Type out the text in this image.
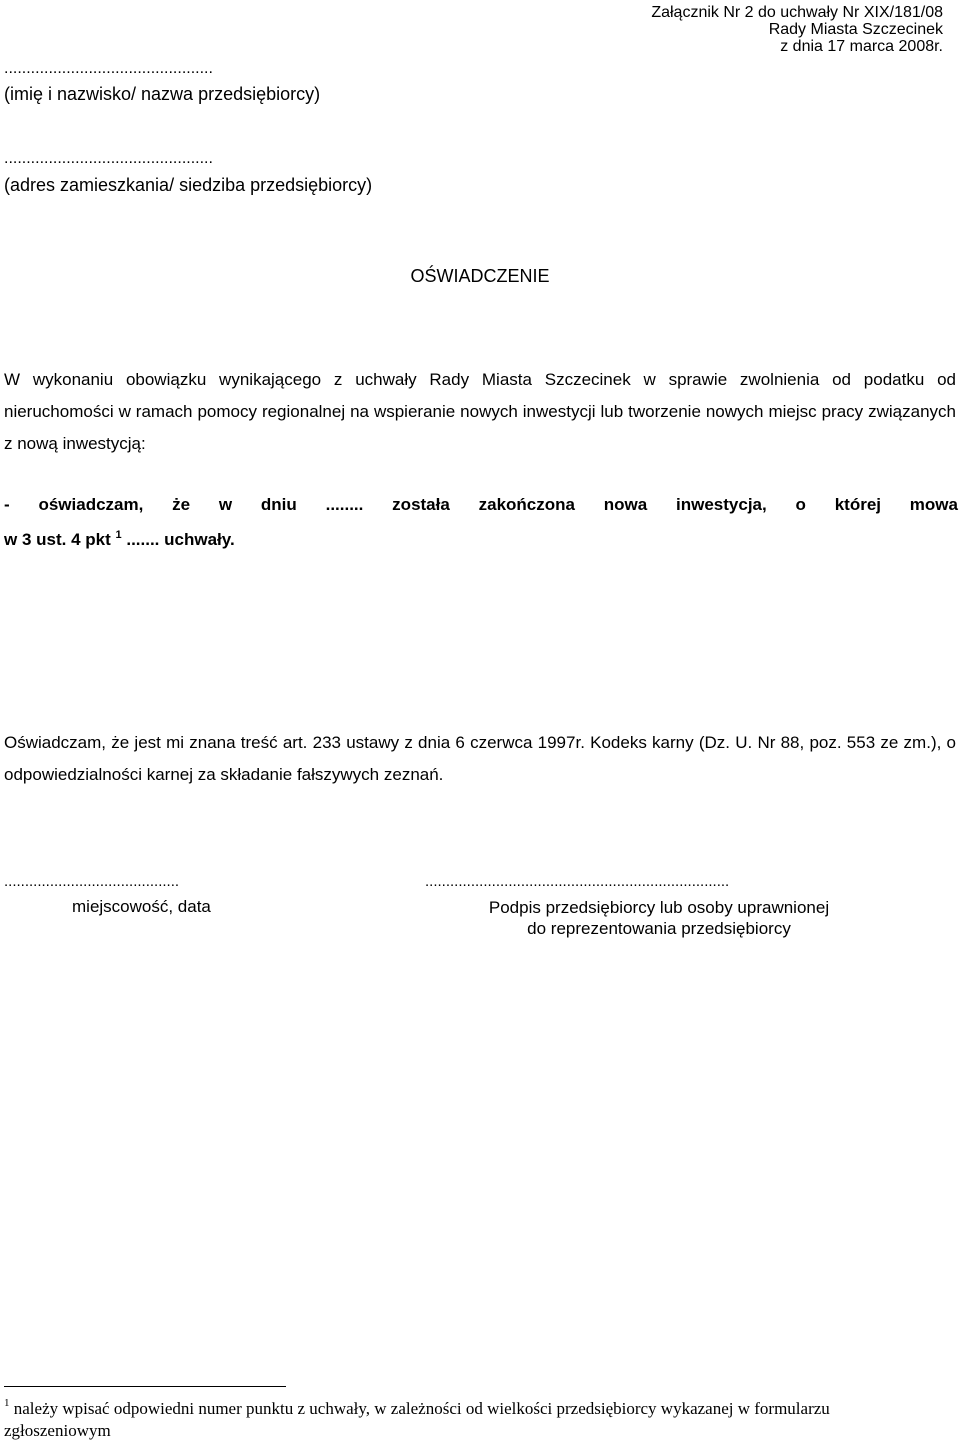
Załącznik Nr 2 do uchwały Nr XIX/181/08
Rady Miasta Szczecinek
z dnia 17 marca 2008r.
...............................................
(imię i nazwisko/ nazwa przedsiębiorcy)
...............................................
(adres zamieszkania/ siedziba przedsiębiorcy)
OŚWIADCZENIE
W wykonaniu obowiązku wynikającego z uchwały Rady Miasta Szczecinek w sprawie zwolnienia od podatku od nieruchomości w ramach pomocy regionalnej na wspieranie nowych inwestycji lub tworzenie nowych miejsc pracy związanych z nową inwestycją:
- oświadczam, że w dniu ........ została zakończona nowa inwestycja, o której mowa
w 3 ust. 4 pkt $^1$ ....... uchwały.
Oświadczam, że jest mi znana treść art. 233 ustawy z dnia 6 czerwca 1997r. Kodeks karny (Dz. U. Nr 88, poz. 553 ze zm.), o odpowiedzialności karnej za składanie fałszywych zeznań.
..........................................	.........................................................................
miejscowość, data	Podpis przedsiębiorcy lub osoby uprawnionej
do reprezentowania przedsiębiorcy
$^1$ należy wpisać odpowiedni numer punktu z uchwały, w zależności od wielkości przedsiębiorcy wykazanej w formularzu zgłoszeniowym
